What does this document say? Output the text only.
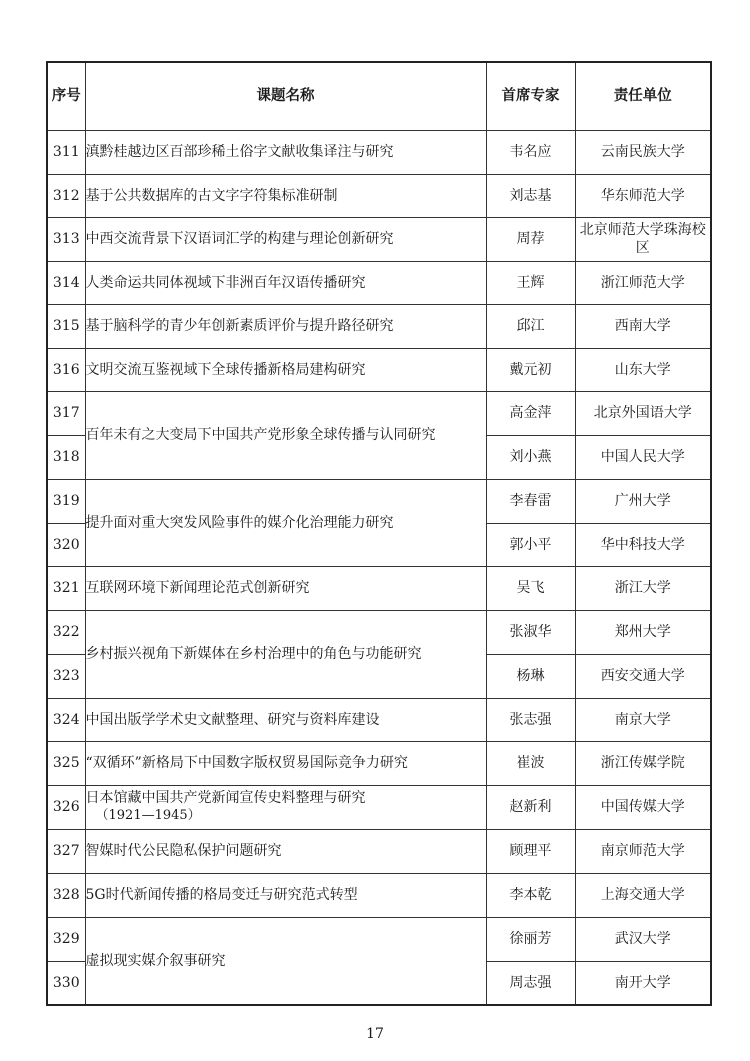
序号	课题名称	首席专家	责任单位
311	滇黔桂越边区百部珍稀土俗字文献收集译注与研究	韦名应	云南民族大学
312	基于公共数据库的古文字字符集标准研制	刘志基	华东师范大学
313	中西交流背景下汉语词汇学的构建与理论创新研究	周荐	北京师范大学珠海校区
314	人类命运共同体视域下非洲百年汉语传播研究	王辉	浙江师范大学
315	基于脑科学的青少年创新素质评价与提升路径研究	邱江	西南大学
316	文明交流互鉴视域下全球传播新格局建构研究	戴元初	山东大学
317	百年未有之大变局下中国共产党形象全球传播与认同研究	高金萍	北京外国语大学
318		刘小燕	中国人民大学
319	提升面对重大突发风险事件的媒介化治理能力研究	李春雷	广州大学
320		郭小平	华中科技大学
321	互联网环境下新闻理论范式创新研究	吴飞	浙江大学
322	乡村振兴视角下新媒体在乡村治理中的角色与功能研究	张淑华	郑州大学
323		杨琳	西安交通大学
324	中国出版学学术史文献整理、研究与资料库建设	张志强	南京大学
325	“双循环”新格局下中国数字版权贸易国际竞争力研究	崔波	浙江传媒学院
326	日本馆藏中国共产党新闻宣传史料整理与研究
（1921—1945）	赵新利	中国传媒大学
327	智媒时代公民隐私保护问题研究	顾理平	南京师范大学
328	5G时代新闻传播的格局变迁与研究范式转型	李本乾	上海交通大学
329	虚拟现实媒介叙事研究	徐丽芳	武汉大学
330		周志强	南开大学
17
